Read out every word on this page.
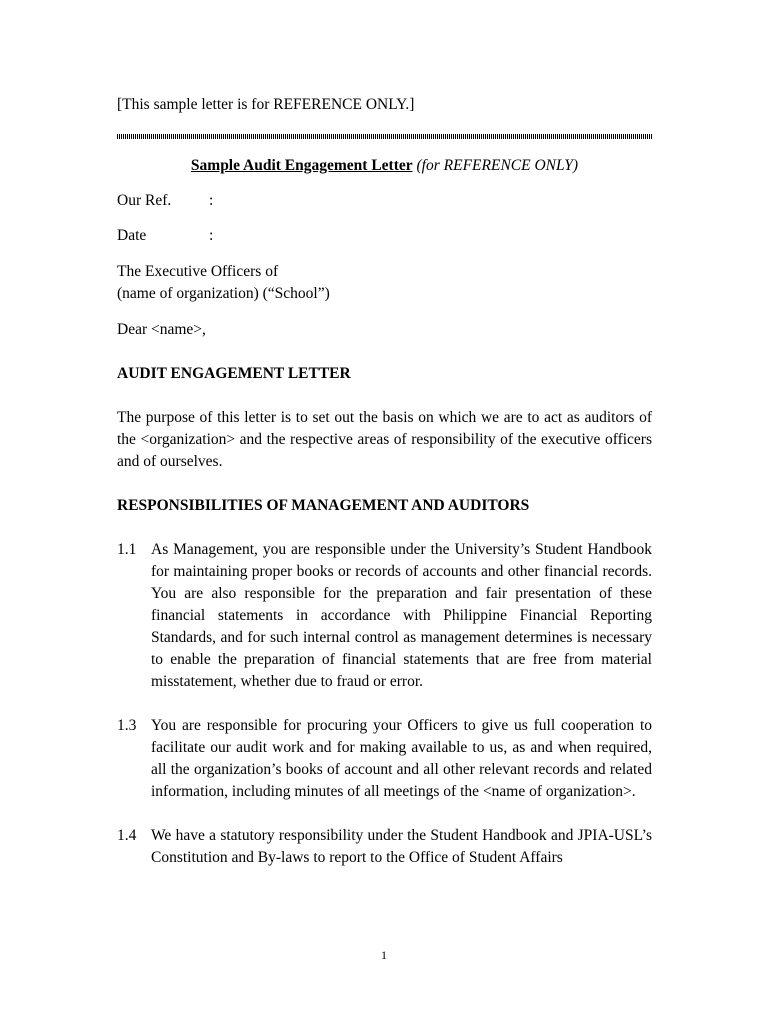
[This sample letter is for REFERENCE ONLY.]
Sample Audit Engagement Letter (for REFERENCE ONLY)
Our Ref.	:
Date	:
The Executive Officers of
(name of organization) (“School”)
Dear <name>,
AUDIT ENGAGEMENT LETTER
The purpose of this letter is to set out the basis on which we are to act as auditors of the <organization> and the respective areas of responsibility of the executive officers and of ourselves.
RESPONSIBILITIES OF MANAGEMENT AND AUDITORS
1.1 As Management, you are responsible under the University’s Student Handbook for maintaining proper books or records of accounts and other financial records. You are also responsible for the preparation and fair presentation of these financial statements in accordance with Philippine Financial Reporting Standards, and for such internal control as management determines is necessary to enable the preparation of financial statements that are free from material misstatement, whether due to fraud or error.
1.3 You are responsible for procuring your Officers to give us full cooperation to facilitate our audit work and for making available to us, as and when required, all the organization’s books of account and all other relevant records and related information, including minutes of all meetings of the <name of organization>.
1.4 We have a statutory responsibility under the Student Handbook and JPIA-USL’s Constitution and By-laws to report to the Office of Student Affairs
1
